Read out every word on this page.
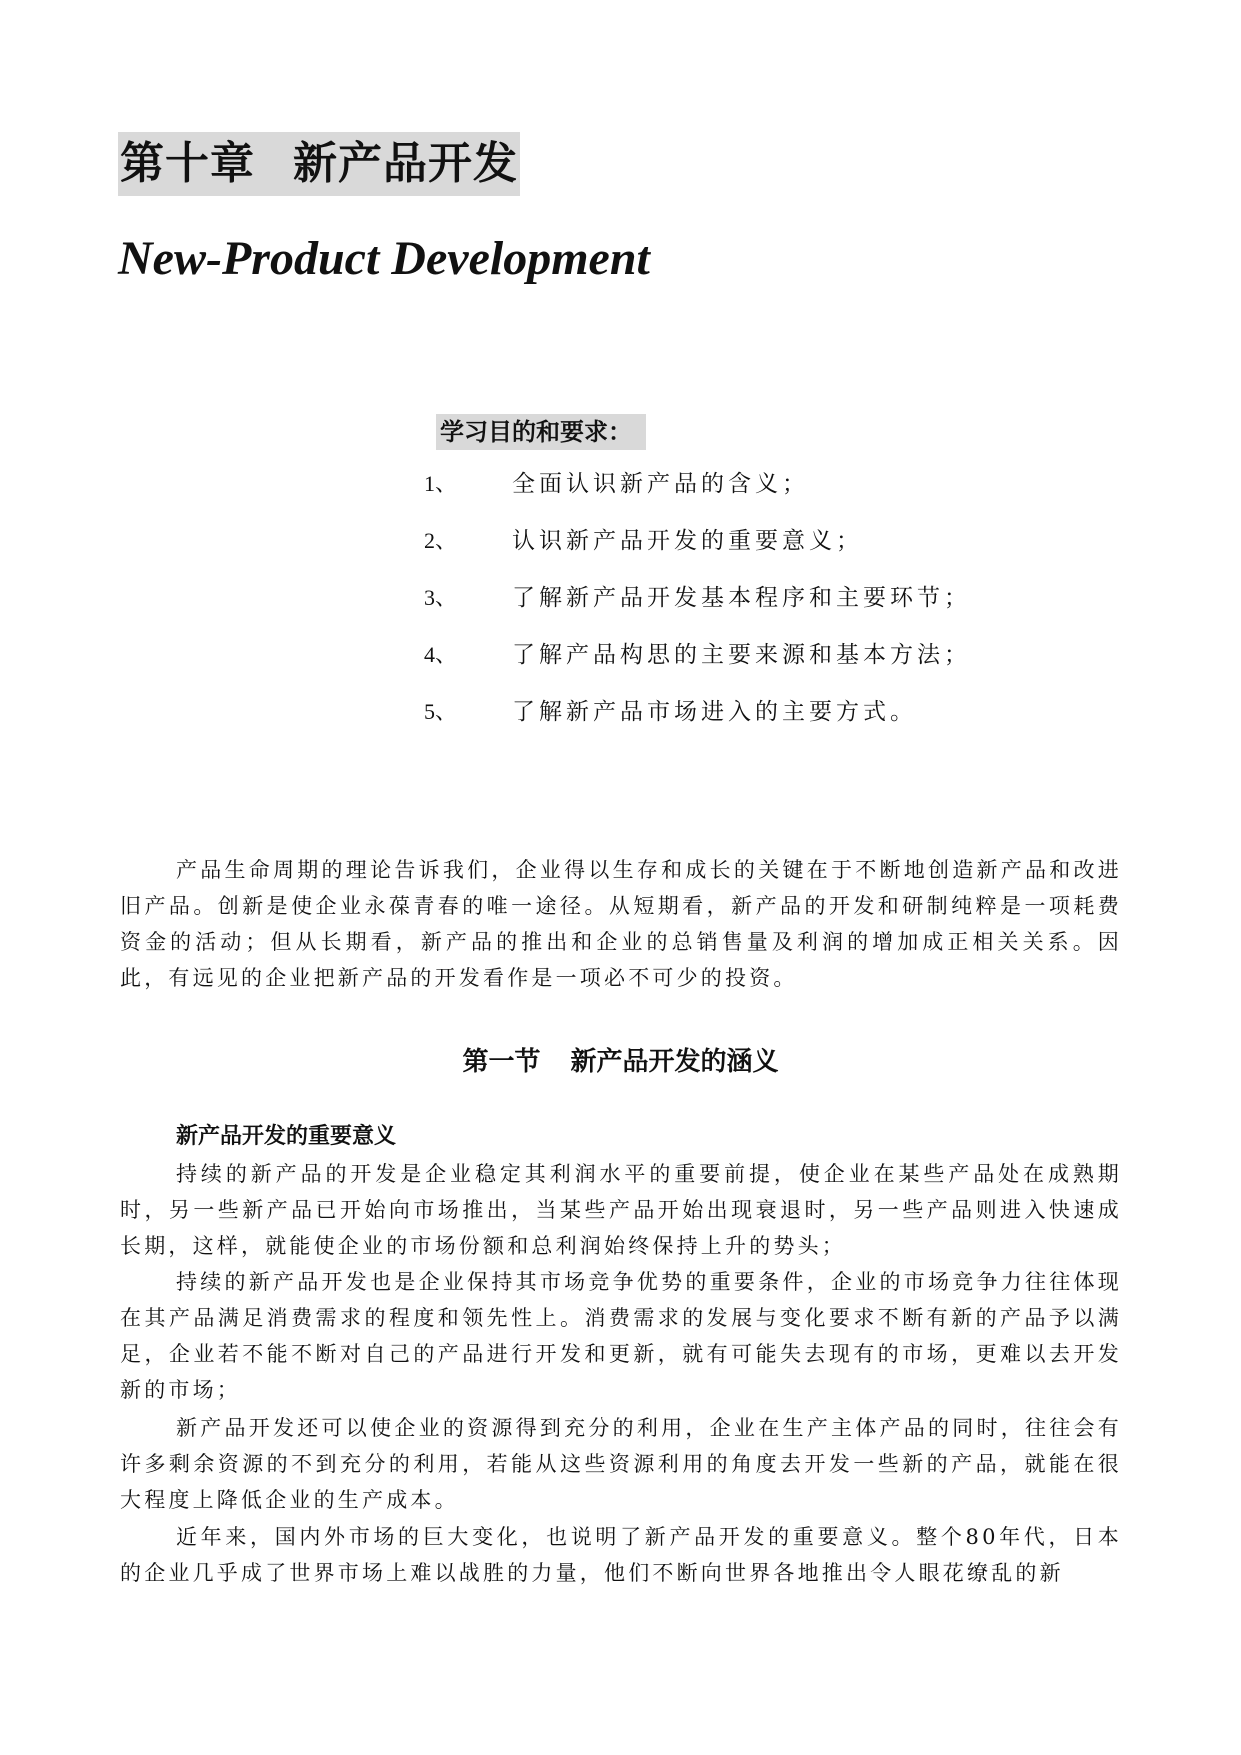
第十章 新产品开发
New-Product Development
学习目的和要求：
1、 全面认识新产品的含义；
2、 认识新产品开发的重要意义；
3、 了解新产品开发基本程序和主要环节；
4、 了解产品构思的主要来源和基本方法；
5、 了解新产品市场进入的主要方式。

产品生命周期的理论告诉我们，企业得以生存和成长的关键在于不断地创造新产品和改进旧产品。创新是使企业永葆青春的唯一途径。从短期看，新产品的开发和研制纯粹是一项耗费资金的活动；但从长期看，新产品的推出和企业的总销售量及利润的增加成正相关关系。因此，有远见的企业把新产品的开发看作是一项必不可少的投资。

第一节 新产品开发的涵义
新产品开发的重要意义

持续的新产品的开发是企业稳定其利润水平的重要前提，使企业在某些产品处在成熟期时，另一些新产品已开始向市场推出，当某些产品开始出现衰退时，另一些产品则进入快速成长期，这样，就能使企业的市场份额和总利润始终保持上升的势头；

持续的新产品开发也是企业保持其市场竞争优势的重要条件，企业的市场竞争力往往体现在其产品满足消费需求的程度和领先性上。消费需求的发展与变化要求不断有新的产品予以满足，企业若不能不断对自己的产品进行开发和更新，就有可能失去现有的市场，更难以去开发新的市场；

新产品开发还可以使企业的资源得到充分的利用，企业在生产主体产品的同时，往往会有许多剩余资源的不到充分的利用，若能从这些资源利用的角度去开发一些新的产品，就能在很大程度上降低企业的生产成本。

近年来，国内外市场的巨大变化，也说明了新产品开发的重要意义。整个80年代，日本的企业几乎成了世界市场上难以战胜的力量，他们不断向世界各地推出令人眼花缭乱的新
